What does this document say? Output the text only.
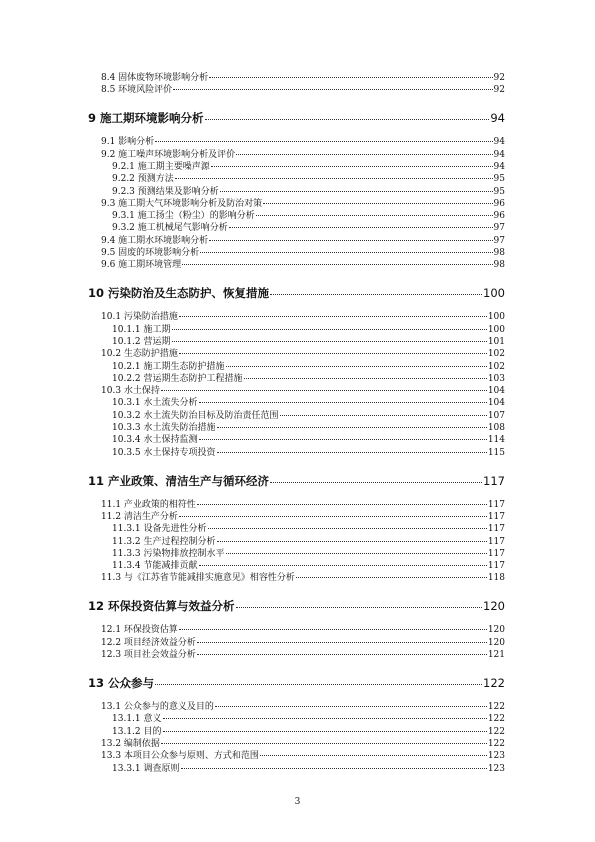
8.4 固体废物环境影响分析	92
8.5 环境风险评价	92
9 施工期环境影响分析	94
9.1 影响分析	94
9.2 施工噪声环境影响分析及评价	94
9.2.1 施工期主要噪声源	94
9.2.2 预测方法	95
9.2.3 预测结果及影响分析	95
9.3 施工期大气环境影响分析及防治对策	96
9.3.1 施工扬尘（粉尘）的影响分析	96
9.3.2 施工机械尾气影响分析	97
9.4 施工期水环境影响分析	97
9.5 固废的环境影响分析	98
9.6 施工期环境管理	98
10 污染防治及生态防护、恢复措施	100
10.1 污染防治措施	100
10.1.1 施工期	100
10.1.2 营运期	101
10.2 生态防护措施	102
10.2.1 施工期生态防护措施	102
10.2.2 营运期生态防护工程措施	103
10.3 水土保持	104
10.3.1 水土流失分析	104
10.3.2 水土流失防治目标及防治责任范围	107
10.3.3 水土流失防治措施	108
10.3.4 水土保持监测	114
10.3.5 水土保持专项投资	115
11 产业政策、清洁生产与循环经济	117
11.1 产业政策的相符性	117
11.2 清洁生产分析	117
11.3.1 设备先进性分析	117
11.3.2 生产过程控制分析	117
11.3.3 污染物排放控制水平	117
11.3.4 节能减排贡献	117
11.3 与《江苏省节能减排实施意见》相容性分析	118
12 环保投资估算与效益分析	120
12.1 环保投资估算	120
12.2 项目经济效益分析	120
12.3 项目社会效益分析	121
13 公众参与	122
13.1 公众参与的意义及目的	122
13.1.1 意义	122
13.1.2 目的	122
13.2 编制依据	122
13.3 本项目公众参与原则、方式和范围	123
13.3.1 调查原则	123
3
